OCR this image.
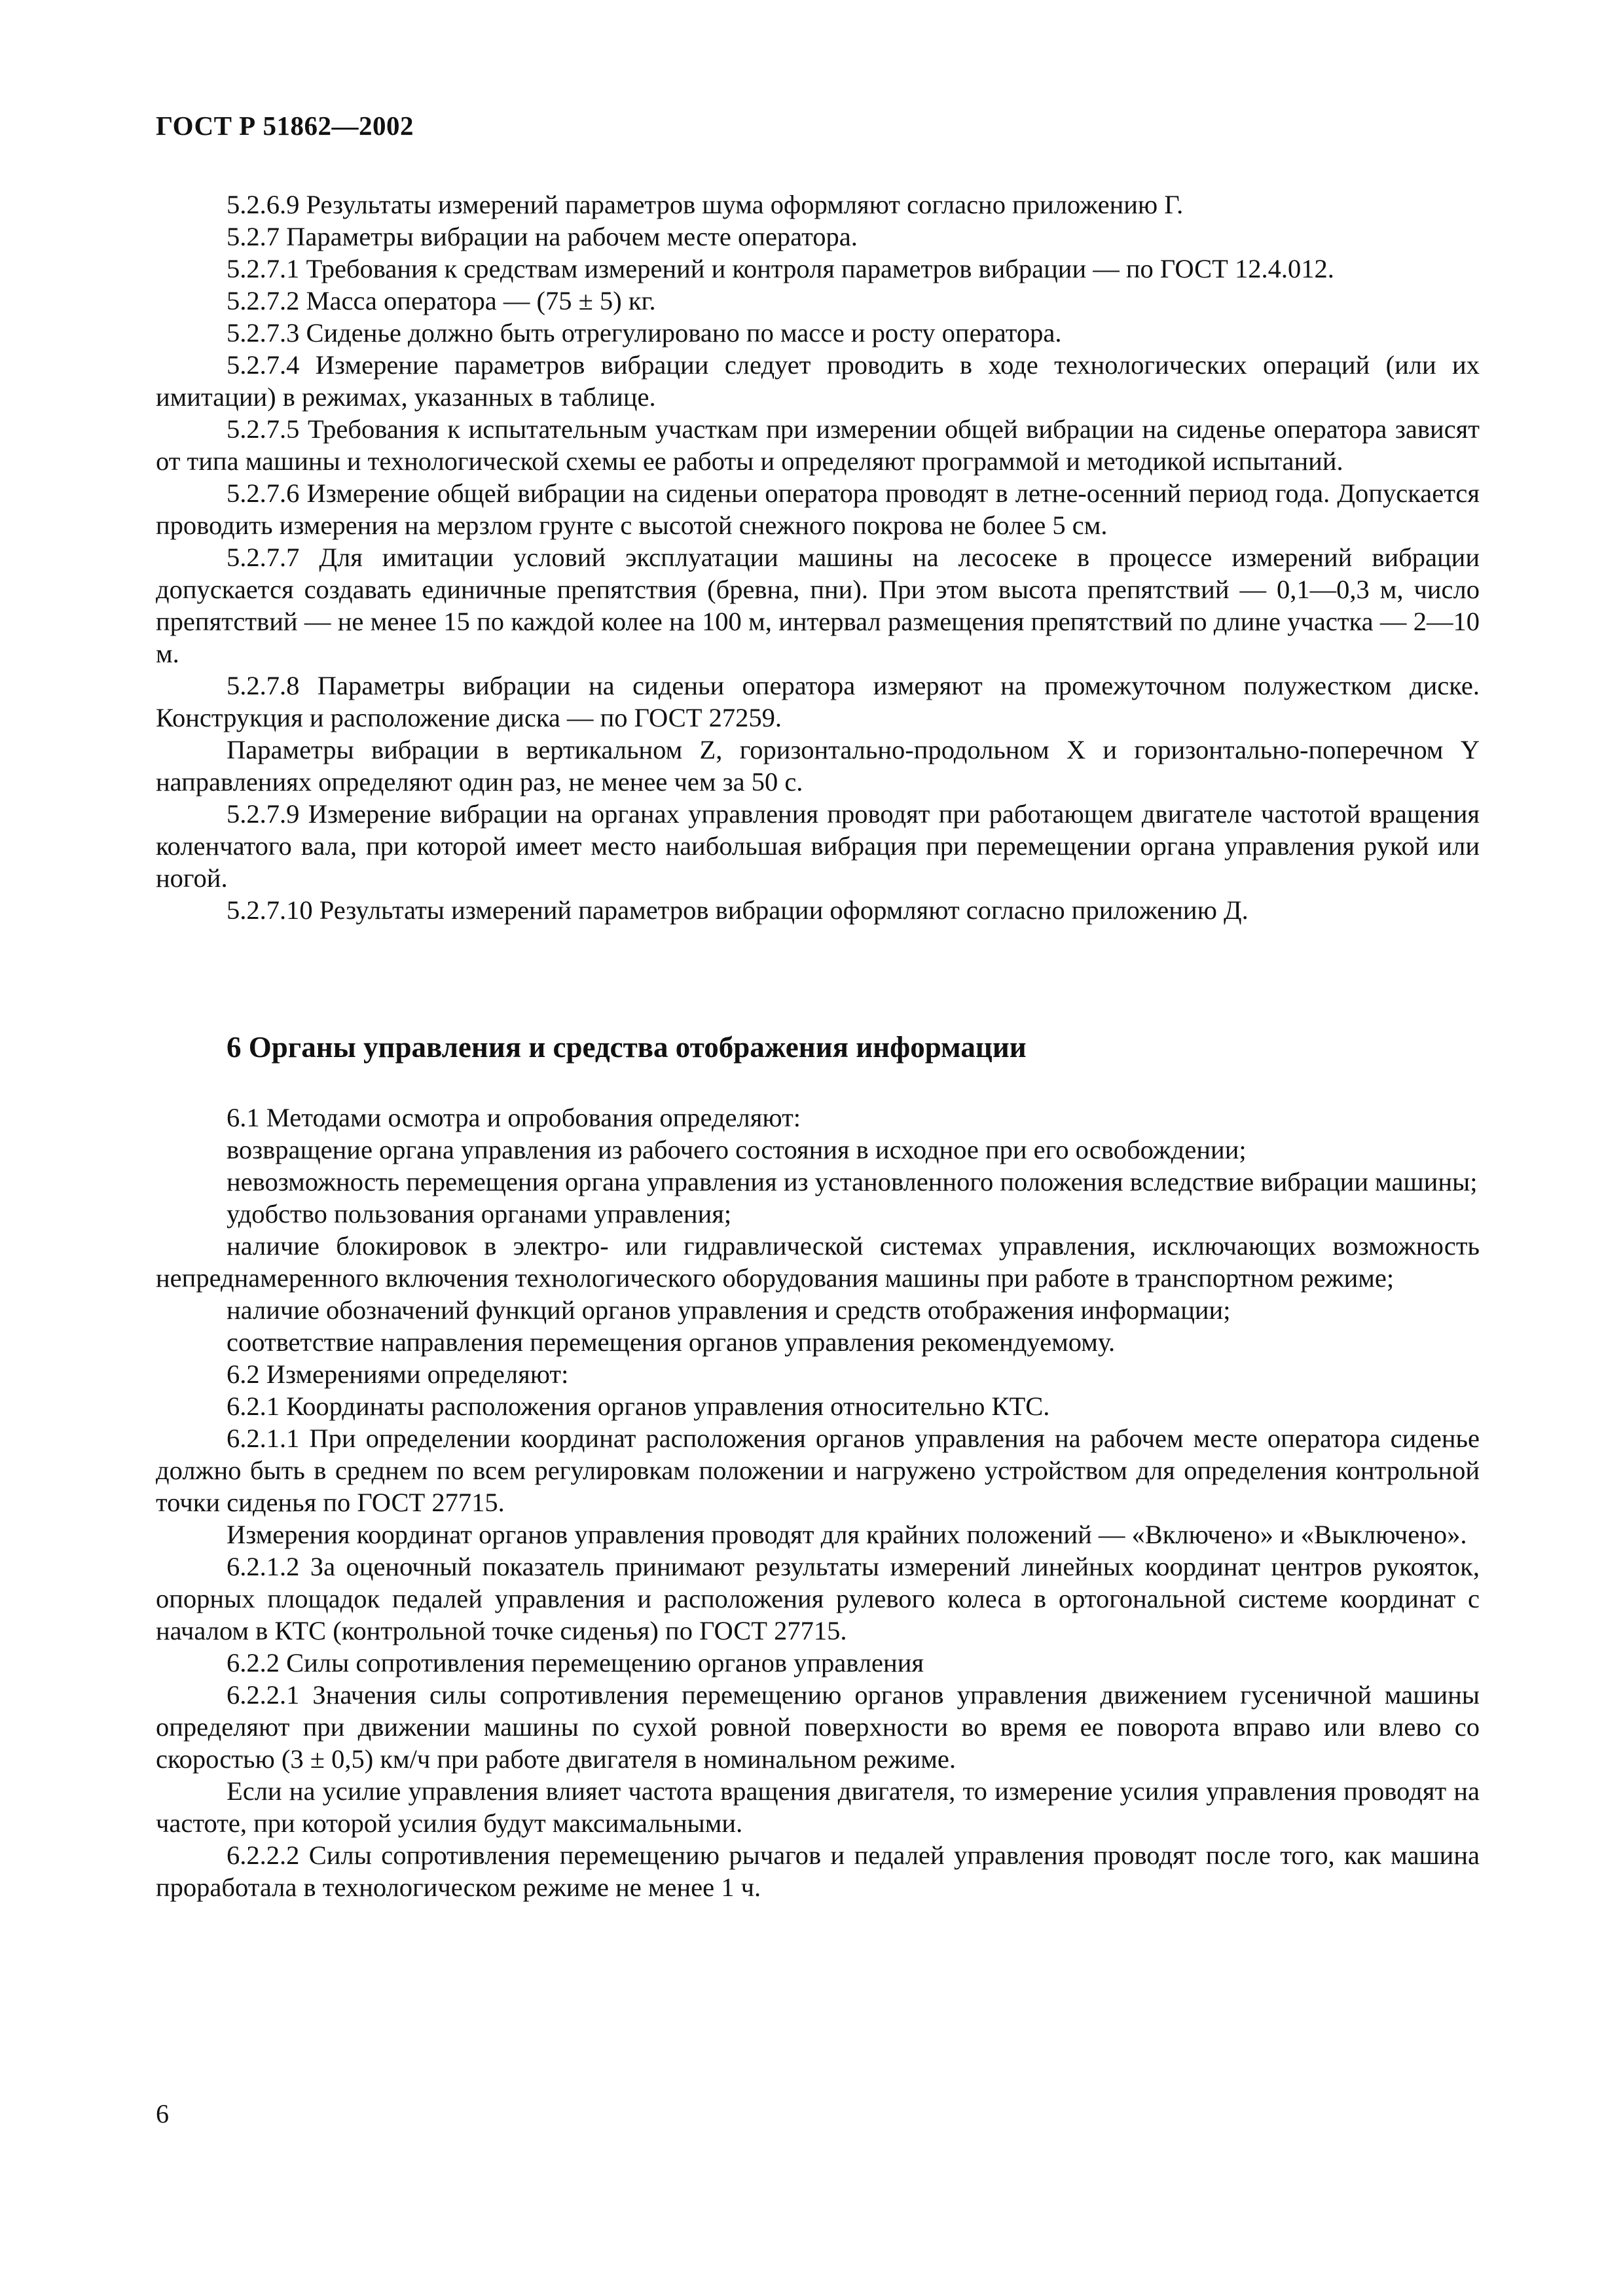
ГОСТ Р 51862—2002

5.2.6.9 Результаты измерений параметров шума оформляют согласно приложению Г.

5.2.7 Параметры вибрации на рабочем месте оператора.

5.2.7.1 Требования к средствам измерений и контроля параметров вибрации — по ГОСТ 12.4.012.

5.2.7.2 Масса оператора — (75 ± 5) кг.

5.2.7.3 Сиденье должно быть отрегулировано по массе и росту оператора.

5.2.7.4 Измерение параметров вибрации следует проводить в ходе технологических операций (или их имитации) в режимах, указанных в таблице.

5.2.7.5 Требования к испытательным участкам при измерении общей вибрации на сиденье оператора зависят от типа машины и технологической схемы ее работы и определяют программой и методикой испытаний.

5.2.7.6 Измерение общей вибрации на сиденьи оператора проводят в летне-осенний период года. Допускается проводить измерения на мерзлом грунте с высотой снежного покрова не более 5 см.

5.2.7.7 Для имитации условий эксплуатации машины на лесосеке в процессе измерений вибрации допускается создавать единичные препятствия (бревна, пни). При этом высота препятствий — 0,1—0,3 м, число препятствий — не менее 15 по каждой колее на 100 м, интервал размещения препятствий по длине участка — 2—10 м.

5.2.7.8 Параметры вибрации на сиденьи оператора измеряют на промежуточном полужестком диске. Конструкция и расположение диска — по ГОСТ 27259.

Параметры вибрации в вертикальном Z, горизонтально-продольном X и горизонтально-поперечном Y направлениях определяют один раз, не менее чем за 50 с.

5.2.7.9 Измерение вибрации на органах управления проводят при работающем двигателе частотой вращения коленчатого вала, при которой имеет место наибольшая вибрация при перемещении органа управления рукой или ногой.

5.2.7.10 Результаты измерений параметров вибрации оформляют согласно приложению Д.

6 Органы управления и средства отображения информации

6.1 Методами осмотра и опробования определяют:

возвращение органа управления из рабочего состояния в исходное при его освобождении;

невозможность перемещения органа управления из установленного положения вследствие вибрации машины;

удобство пользования органами управления;

наличие блокировок в электро- или гидравлической системах управления, исключающих возможность непреднамеренного включения технологического оборудования машины при работе в транспортном режиме;

наличие обозначений функций органов управления и средств отображения информации;

соответствие направления перемещения органов управления рекомендуемому.

6.2 Измерениями определяют:

6.2.1 Координаты расположения органов управления относительно КТС.

6.2.1.1 При определении координат расположения органов управления на рабочем месте оператора сиденье должно быть в среднем по всем регулировкам положении и нагружено устройством для определения контрольной точки сиденья по ГОСТ 27715.

Измерения координат органов управления проводят для крайних положений — «Включено» и «Выключено».

6.2.1.2 За оценочный показатель принимают результаты измерений линейных координат центров рукояток, опорных площадок педалей управления и расположения рулевого колеса в ортогональной системе координат с началом в КТС (контрольной точке сиденья) по ГОСТ 27715.

6.2.2 Силы сопротивления перемещению органов управления

6.2.2.1 Значения силы сопротивления перемещению органов управления движением гусеничной машины определяют при движении машины по сухой ровной поверхности во время ее поворота вправо или влево со скоростью (3 ± 0,5) км/ч при работе двигателя в номинальном режиме.

Если на усилие управления влияет частота вращения двигателя, то измерение усилия управления проводят на частоте, при которой усилия будут максимальными.

6.2.2.2 Силы сопротивления перемещению рычагов и педалей управления проводят после того, как машина проработала в технологическом режиме не менее 1 ч.

6
